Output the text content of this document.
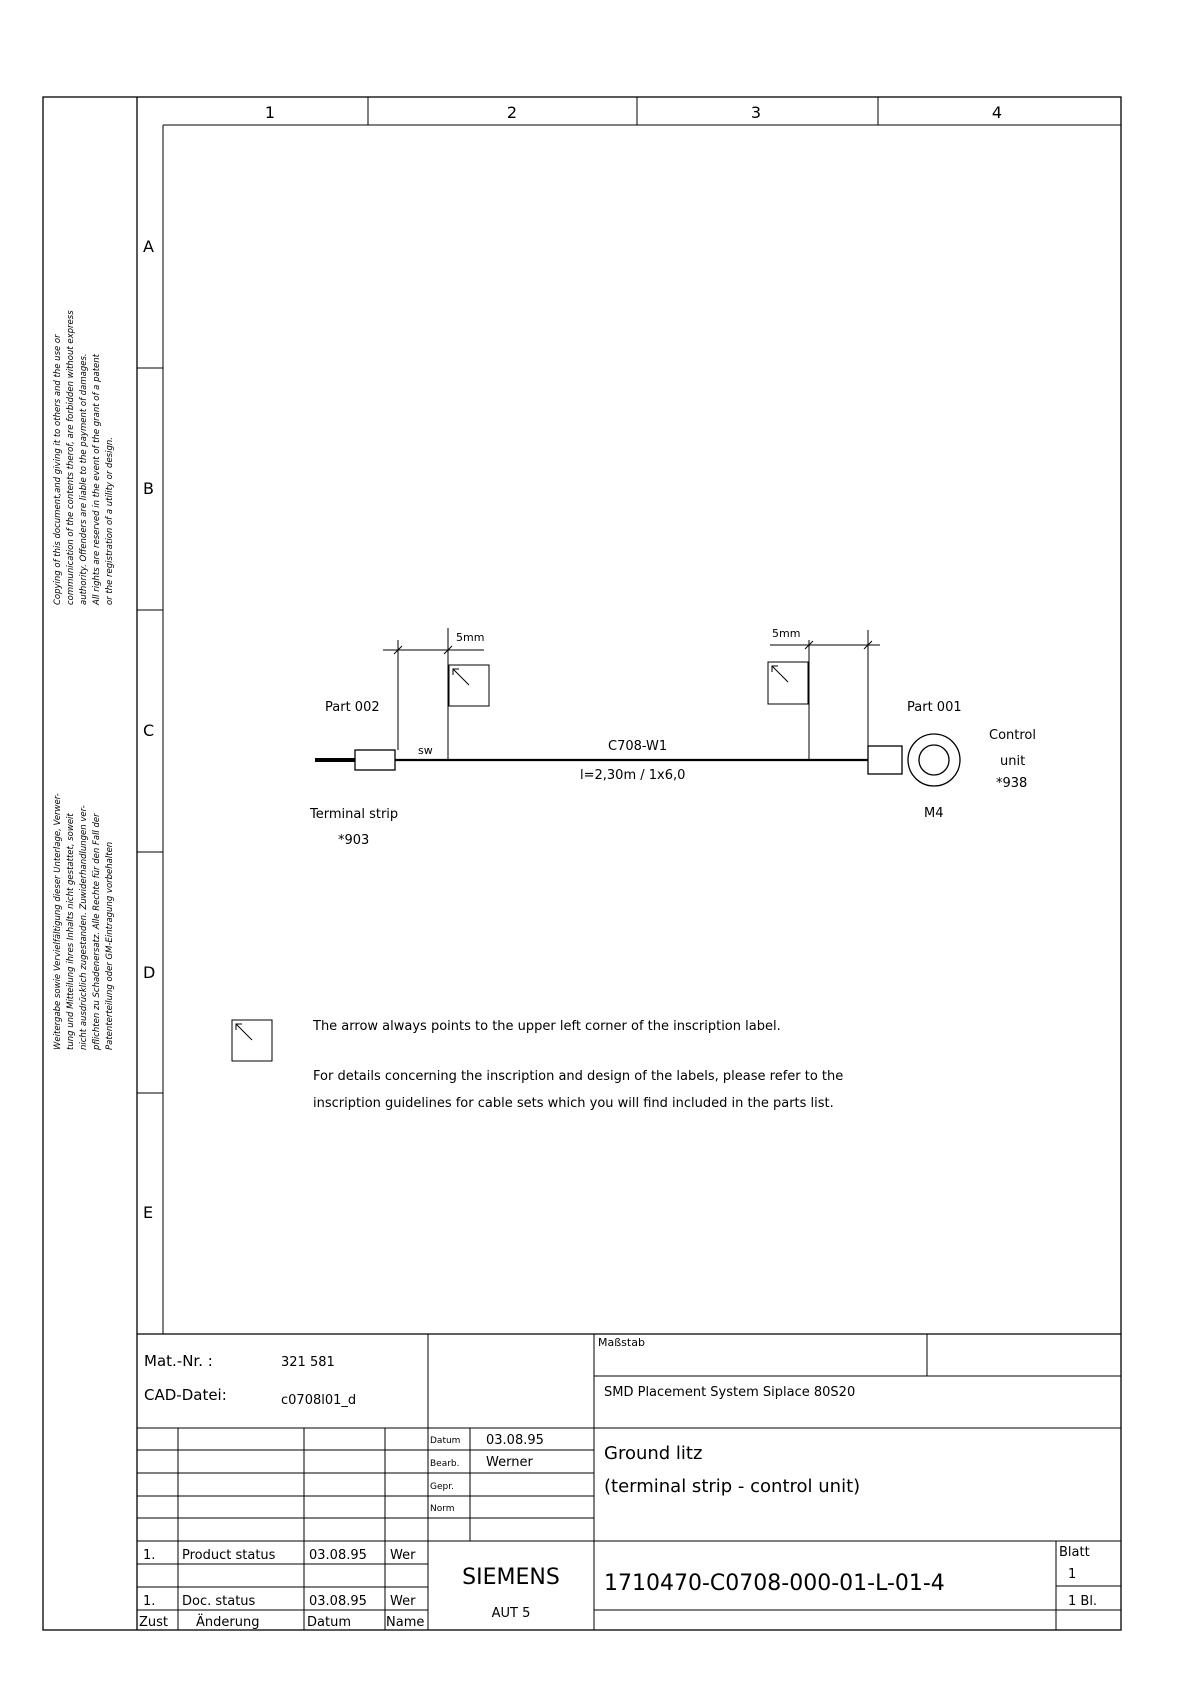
1	2	3	4
A
B
C
D
E
Copying of this document,and giving it to others and the use or communication of the contents therof, are forbidden without express authority. Offenders are liable to the payment of damages. All rights are reserved in the event of the grant of a patent or the registration of a utility or design.
Weitergabe sowie Vervielfältigung dieser Unterlage, Verwer- tung und Mitteilung ihres Inhalts nicht gestattet, soweit nicht ausdrücklich zugestanden. Zuwiderhandlungen ver- pflichten zu Schadenersatz. Alle Rechte für den Fall der Patenterteilung oder GM-Eintragung vorbehalten
5mm	5mm
Part 002	Part 001
sw	C708-W1
l=2,30m / 1x6,0
Terminal strip
*903
Control
unit
*938
M4
The arrow always points to the upper left corner of the inscription label.
For details concerning the inscription and design of the labels, please refer to the
inscription guidelines for cable sets which you will find included in the parts list.
Mat.-Nr. :	321 581
CAD-Datei:	c0708l01_d
Maßstab
SMD Placement System Siplace 80S20
Datum 03.08.95
Bearb. Werner
Gepr.
Norm
Ground litz
(terminal strip - control unit)
1. Product status	03.08.95 Wer
1. Doc. status	03.08.95 Wer
Zust Änderung	Datum	Name
SIEMENS
AUT 5
1710470-C0708-000-01-L-01-4
Blatt
1
1 Bl.
